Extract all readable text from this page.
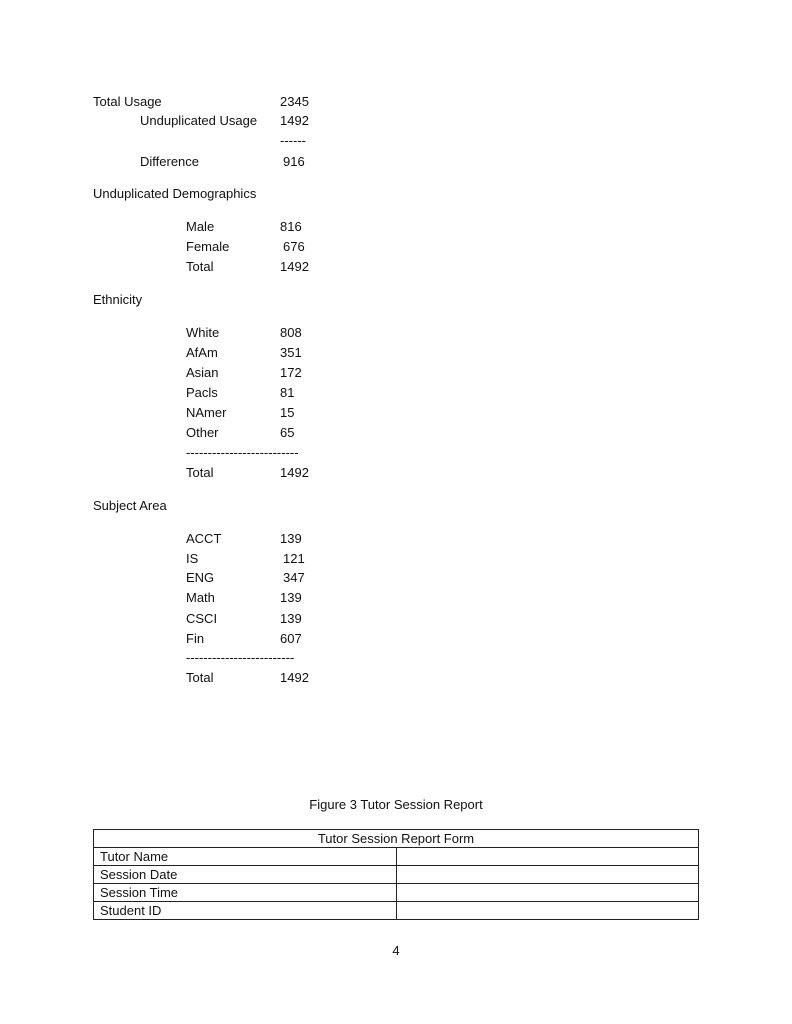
Total Usage	2345
Unduplicated Usage 1492
------
Difference	916
Unduplicated Demographics
Male	816
Female	676
Total	1492
Ethnicity
White	808
AfAm	351
Asian	172
Pacls	81
NAmer	15
Other	65
--------------------------
Total	1492
Subject Area
ACCT	139
IS	121
ENG	347
Math	139
CSCI	139
Fin	607
-------------------------
Total	1492
Figure 3 Tutor Session Report
Tutor Session Report Form	
Tutor Name	
Session Date	
Session Time	
Student ID	
4
